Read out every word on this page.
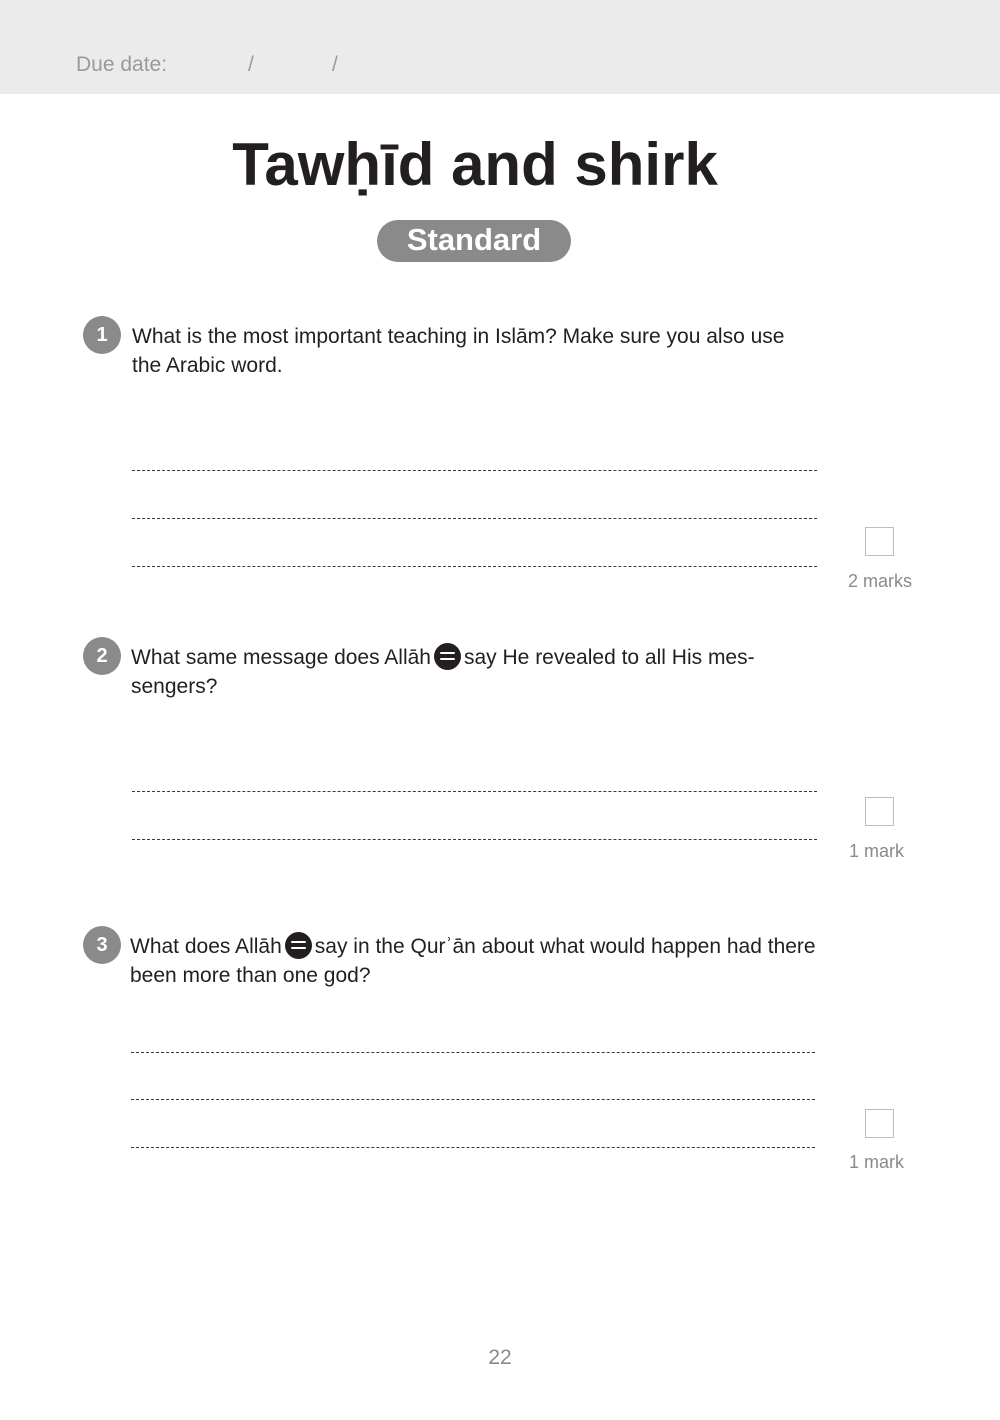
Due date:	/	/
Tawḥīd and shirk
Standard
1	What is the most important teaching in Islām? Make sure you also use the Arabic word.
2 marks
2	What same message does Allāh say He revealed to all His messengers?
1 mark
3	What does Allāh say in the Qurʾān about what would happen had there been more than one god?
1 mark
22
